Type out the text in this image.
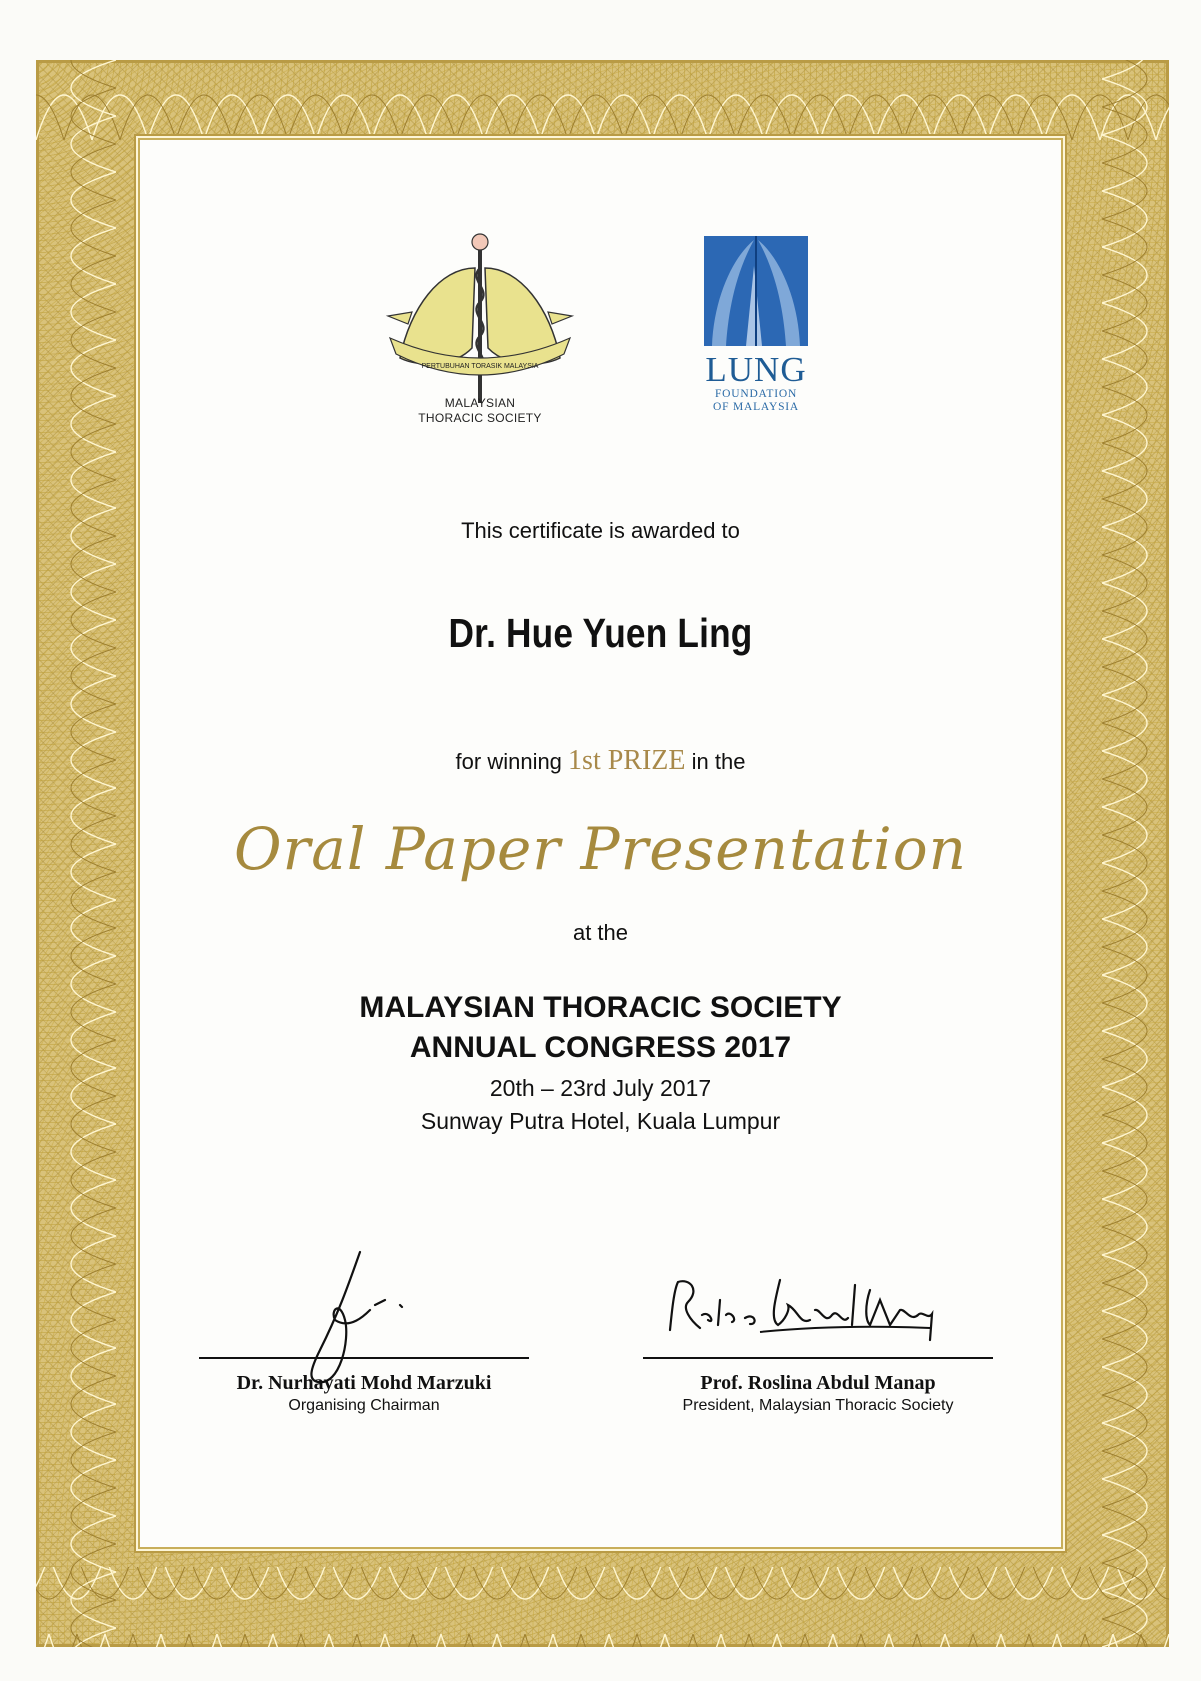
PERTUBUHAN TORASIK MALAYSIA
MALAYSIAN
THORACIC SOCIETY
LUNG
FOUNDATION
OF MALAYSIA
This certificate is awarded to
Dr. Hue Yuen Ling
for winning 1st PRIZE in the
Oral Paper Presentation
at the
MALAYSIAN THORACIC SOCIETY
ANNUAL CONGRESS 2017
20th – 23rd July 2017
Sunway Putra Hotel, Kuala Lumpur
Dr. Nurhayati Mohd Marzuki
Organising Chairman
Prof. Roslina Abdul Manap
President, Malaysian Thoracic Society
